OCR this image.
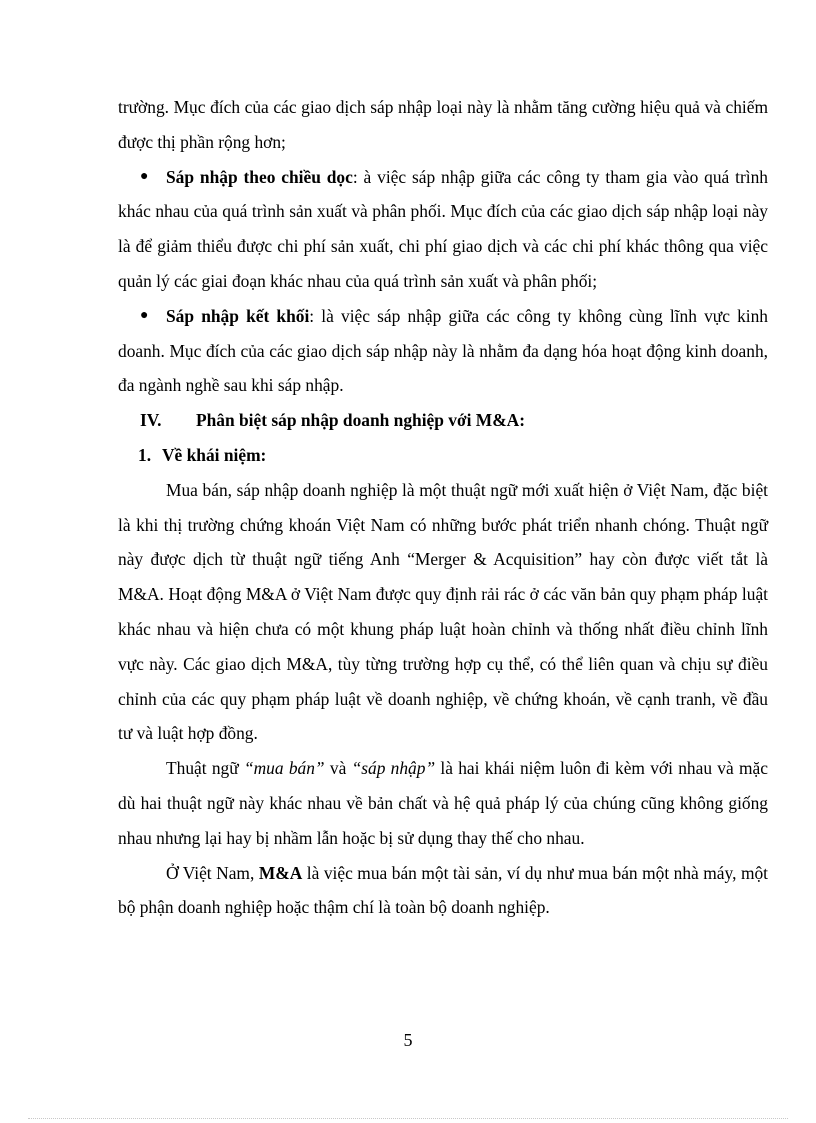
trường. Mục đích của các giao dịch sáp nhập loại này là nhằm tăng cường hiệu quả và chiếm được thị phần rộng hơn;

● Sáp nhập theo chiều dọc: à việc sáp nhập giữa các công ty tham gia vào quá trình khác nhau của quá trình sản xuất và phân phối. Mục đích của các giao dịch sáp nhập loại này là để giảm thiểu được chi phí sản xuất, chi phí giao dịch và các chi phí khác thông qua việc quản lý các giai đoạn khác nhau của quá trình sản xuất và phân phối;

● Sáp nhập kết khối: là việc sáp nhập giữa các công ty không cùng lĩnh vực kinh doanh. Mục đích của các giao dịch sáp nhập này là nhằm đa dạng hóa hoạt động kinh doanh, đa ngành nghề sau khi sáp nhập.

IV. Phân biệt sáp nhập doanh nghiệp với M&A:

1. Về khái niệm:

Mua bán, sáp nhập doanh nghiệp là một thuật ngữ mới xuất hiện ở Việt Nam, đặc biệt là khi thị trường chứng khoán Việt Nam có những bước phát triển nhanh chóng. Thuật ngữ này được dịch từ thuật ngữ tiếng Anh “Merger & Acquisition” hay còn được viết tắt là M&A. Hoạt động M&A ở Việt Nam được quy định rải rác ở các văn bản quy phạm pháp luật khác nhau và hiện chưa có một khung pháp luật hoàn chỉnh và thống nhất điều chỉnh lĩnh vực này. Các giao dịch M&A, tùy từng trường hợp cụ thể, có thể liên quan và chịu sự điều chỉnh của các quy phạm pháp luật về doanh nghiệp, về chứng khoán, về cạnh tranh, về đầu tư và luật hợp đồng.

Thuật ngữ “mua bán” và “sáp nhập” là hai khái niệm luôn đi kèm với nhau và mặc dù hai thuật ngữ này khác nhau về bản chất và hệ quả pháp lý của chúng cũng không giống nhau nhưng lại hay bị nhầm lẫn hoặc bị sử dụng thay thế cho nhau.

Ở Việt Nam, M&A là việc mua bán một tài sản, ví dụ như mua bán một nhà máy, một bộ phận doanh nghiệp hoặc thậm chí là toàn bộ doanh nghiệp.

5
